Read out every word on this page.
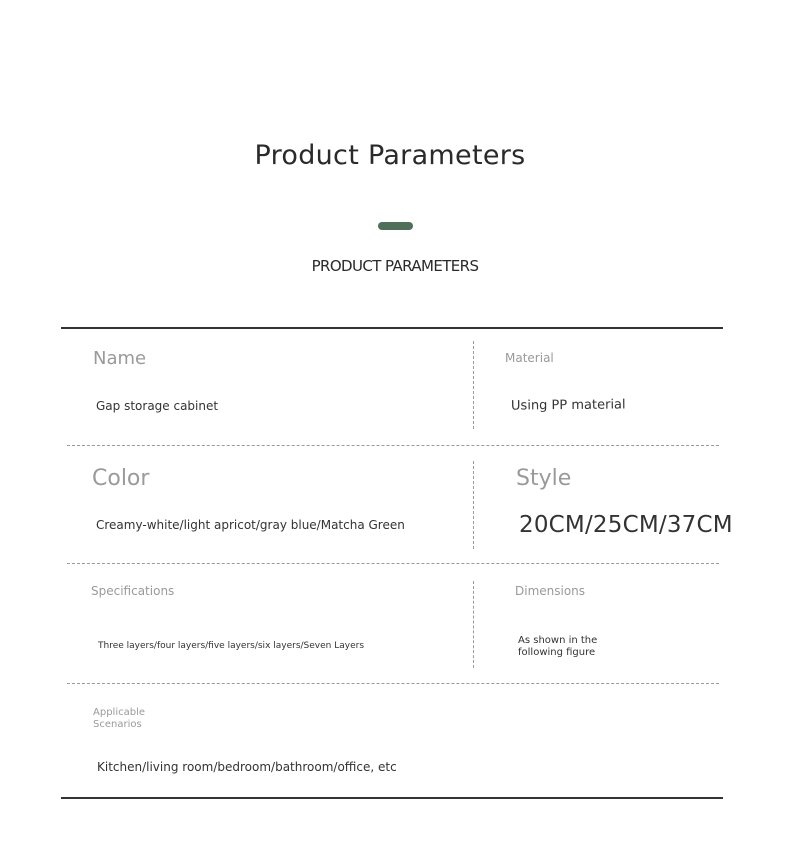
Product Parameters
PRODUCT PARAMETERS
Name
Gap storage cabinet
Material
Using PP material
Color
Creamy-white/light apricot/gray blue/Matcha Green
Style
20CM/25CM/37CM
Specifications
Three layers/four layers/five layers/six layers/Seven Layers
Dimensions
As shown in the following figure
Applicable Scenarios
Kitchen/living room/bedroom/bathroom/office, etc
